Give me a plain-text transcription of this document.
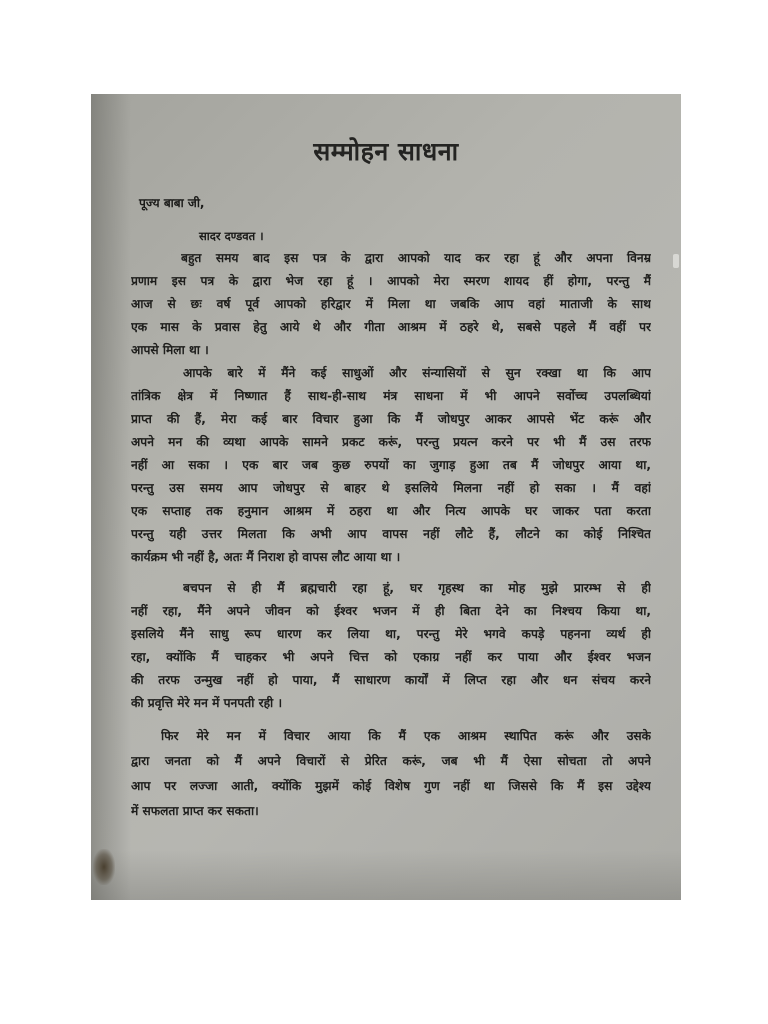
सम्मोहन साधना
पूज्य बाबा जी,
सादर दण्डवत ।
बहुत समय बाद इस पत्र के द्वारा आपको याद कर रहा हूं और अपना विनम्र
प्रणाम इस पत्र के द्वारा भेज रहा हूं । आपको मेरा स्मरण शायद हीं होगा, परन्तु मैं
आज से छः वर्ष पूर्व आपको हरिद्वार में मिला था जबकि आप वहां माताजी के साथ
एक मास के प्रवास हेतु आये थे और गीता आश्रम में ठहरे थे, सबसे पहले मैं वहीं पर
आपसे मिला था ।
आपके बारे में मैंने कई साधुओं और संन्यासियों से सुन रक्खा था कि आप
तांत्रिक क्षेत्र में निष्णात हैं साथ-ही-साथ मंत्र साधना में भी आपने सर्वोच्च उपलब्धियां
प्राप्त की हैं, मेरा कई बार विचार हुआ कि मैं जोधपुर आकर आपसे भेंट करूं और
अपने मन की व्यथा आपके सामने प्रकट करूं, परन्तु प्रयत्न करने पर भी मैं उस तरफ
नहीं आ सका । एक बार जब कुछ रुपयों का जुगाड़ हुआ तब मैं जोधपुर आया था,
परन्तु उस समय आप जोधपुर से बाहर थे इसलिये मिलना नहीं हो सका । मैं वहां
एक सप्ताह तक हनुमान आश्रम में ठहरा था और नित्य आपके घर जाकर पता करता
परन्तु यही उत्तर मिलता कि अभी आप वापस नहीं लौटे हैं, लौटने का कोई निश्चित
कार्यक्रम भी नहीं है, अतः मैं निराश हो वापस लौट आया था ।
बचपन से ही मैं ब्रह्मचारी रहा हूं, घर गृहस्थ का मोह मुझे प्रारम्भ से ही
नहीं रहा, मैंने अपने जीवन को ईश्वर भजन में ही बिता देने का निश्चय किया था,
इसलिये मैंने साधु रूप धारण कर लिया था, परन्तु मेरे भगवे कपड़े पहनना व्यर्थ ही
रहा, क्योंकि मैं चाहकर भी अपने चित्त को एकाग्र नहीं कर पाया और ईश्वर भजन
की तरफ उन्मुख नहीं हो पाया, मैं साधारण कार्यों में लिप्त रहा और धन संचय करने
की प्रवृत्ति मेरे मन में पनपती रही ।
फिर मेरे मन में विचार आया कि मैं एक आश्रम स्थापित करूं और उसके
द्वारा जनता को मैं अपने विचारों से प्रेरित करूं, जब भी मैं ऐसा सोचता तो अपने
आप पर लज्जा आती, क्योंकि मुझमें कोई विशेष गुण नहीं था जिससे कि मैं इस उद्देश्य
में सफलता प्राप्त कर सकता।
